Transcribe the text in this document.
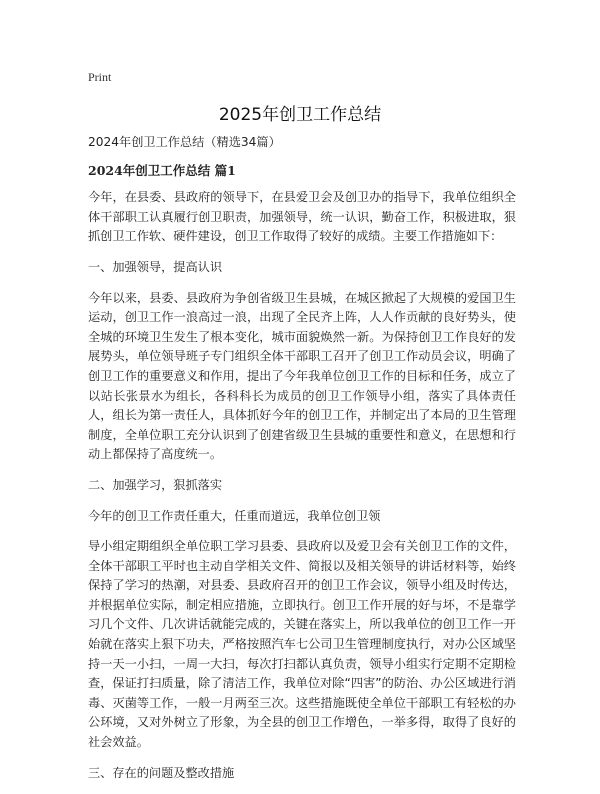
Print
2025年创卫工作总结

2024年创卫工作总结（精选34篇）

2024年创卫工作总结 篇1

今年，在县委、县政府的领导下，在县爱卫会及创卫办的指导下，我单位组织全体干部职工认真履行创卫职责，加强领导，统一认识，勤奋工作，积极进取，狠抓创卫工作软、硬件建设，创卫工作取得了较好的成绩。主要工作措施如下：

一、加强领导，提高认识

今年以来，县委、县政府为争创省级卫生县城，在城区掀起了大规模的爱国卫生运动，创卫工作一浪高过一浪，出现了全民齐上阵，人人作贡献的良好势头，使全城的环境卫生发生了根本变化，城市面貌焕然一新。为保持创卫工作良好的发展势头，单位领导班子专门组织全体干部职工召开了创卫工作动员会议，明确了创卫工作的重要意义和作用，提出了今年我单位创卫工作的目标和任务，成立了以站长张景水为组长，各科科长为成员的创卫工作领导小组，落实了具体责任人，组长为第一责任人，具体抓好今年的创卫工作，并制定出了本局的卫生管理制度，全单位职工充分认识到了创建省级卫生县城的重要性和意义，在思想和行动上都保持了高度统一。

二、加强学习，狠抓落实

今年的创卫工作责任重大，任重而道远，我单位创卫领

导小组定期组织全单位职工学习县委、县政府以及爱卫会有关创卫工作的文件，全体干部职工平时也主动自学相关文件、简报以及相关领导的讲话材料等，始终保持了学习的热潮，对县委、县政府召开的创卫工作会议，领导小组及时传达，并根据单位实际，制定相应措施，立即执行。创卫工作开展的好与坏，不是靠学习几个文件、几次讲话就能完成的，关键在落实上，所以我单位的创卫工作一开始就在落实上狠下功夫，严格按照汽车七公司卫生管理制度执行，对办公区域坚持一天一小扫，一周一大扫，每次打扫都认真负责，领导小组实行定期不定期检查，保证打扫质量，除了清洁工作，我单位对除“四害”的防治、办公区域进行消毒、灭菌等工作，一般一月两至三次。这些措施既使全单位干部职工有轻松的办公环境，又对外树立了形象，为全县的创卫工作增色，一举多得，取得了良好的社会效益。

三、存在的问题及整改措施
